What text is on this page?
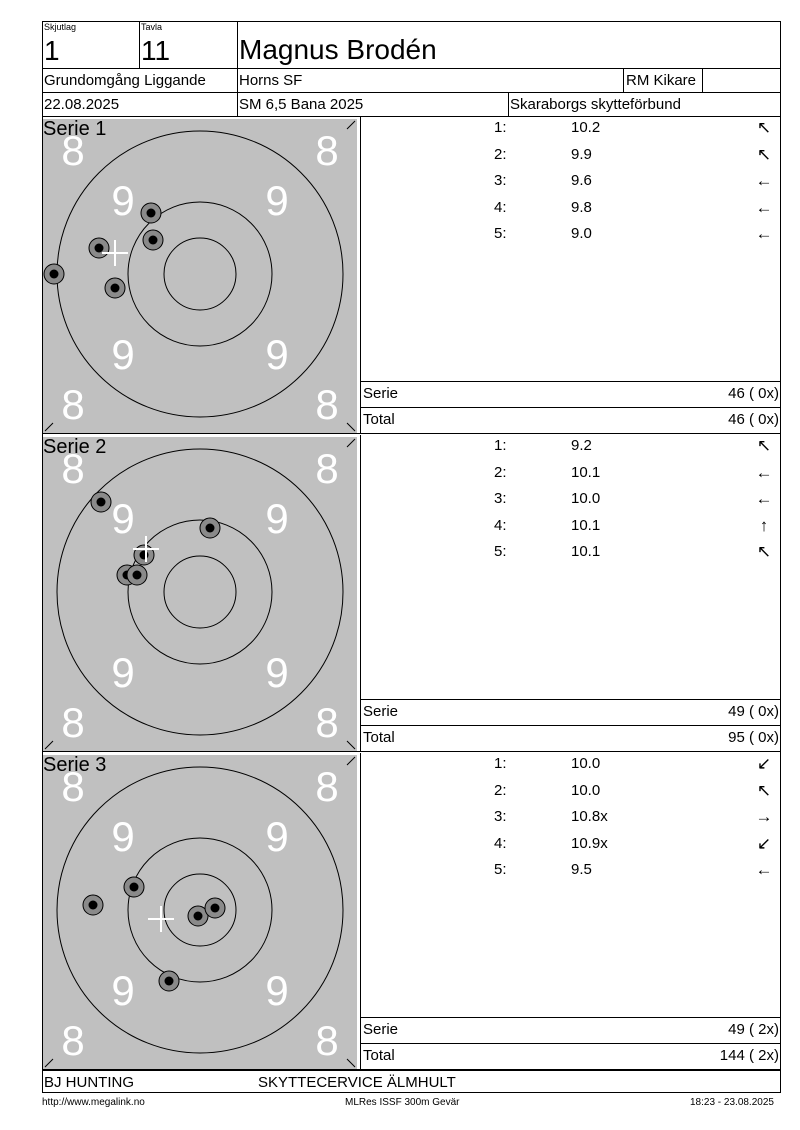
Skjutlag
1
Tavla
11 Magnus Brodén
Grundomgång Liggande Horns SF	RM Kikare
22.08.2025	SM 6,5 Bana 2025	Skaraborgs skytteförbund
8	8
8	8
9	9
9	9
Serie 1	1:	10.2	↖
2:	9.9	↖
3:	9.6	←
4:	9.8	←
5:	9.0	←
Serie	46 ( 0x)
Total	46 ( 0x)
8	8
8	8
9	9
9	9
Serie 2	1:	9.2	↖
2:	10.1	←
3:	10.0	←
4:	10.1	↑
5:	10.1	↖
Serie	49 ( 0x)
Total	95 ( 0x)
8	8
8	8
9	9
9	9
Serie 3	1:	10.0	↙
2:	10.0	↖
3:	10.8x	→
4:	10.9x	↙
5:	9.5	←
Serie	49 ( 2x)
Total	144 ( 2x)
BJ HUNTING	SKYTTECERVICE ÄLMHULT
http://www.megalink.no	MLRes ISSF 300m Gevär	18:23 - 23.08.2025
